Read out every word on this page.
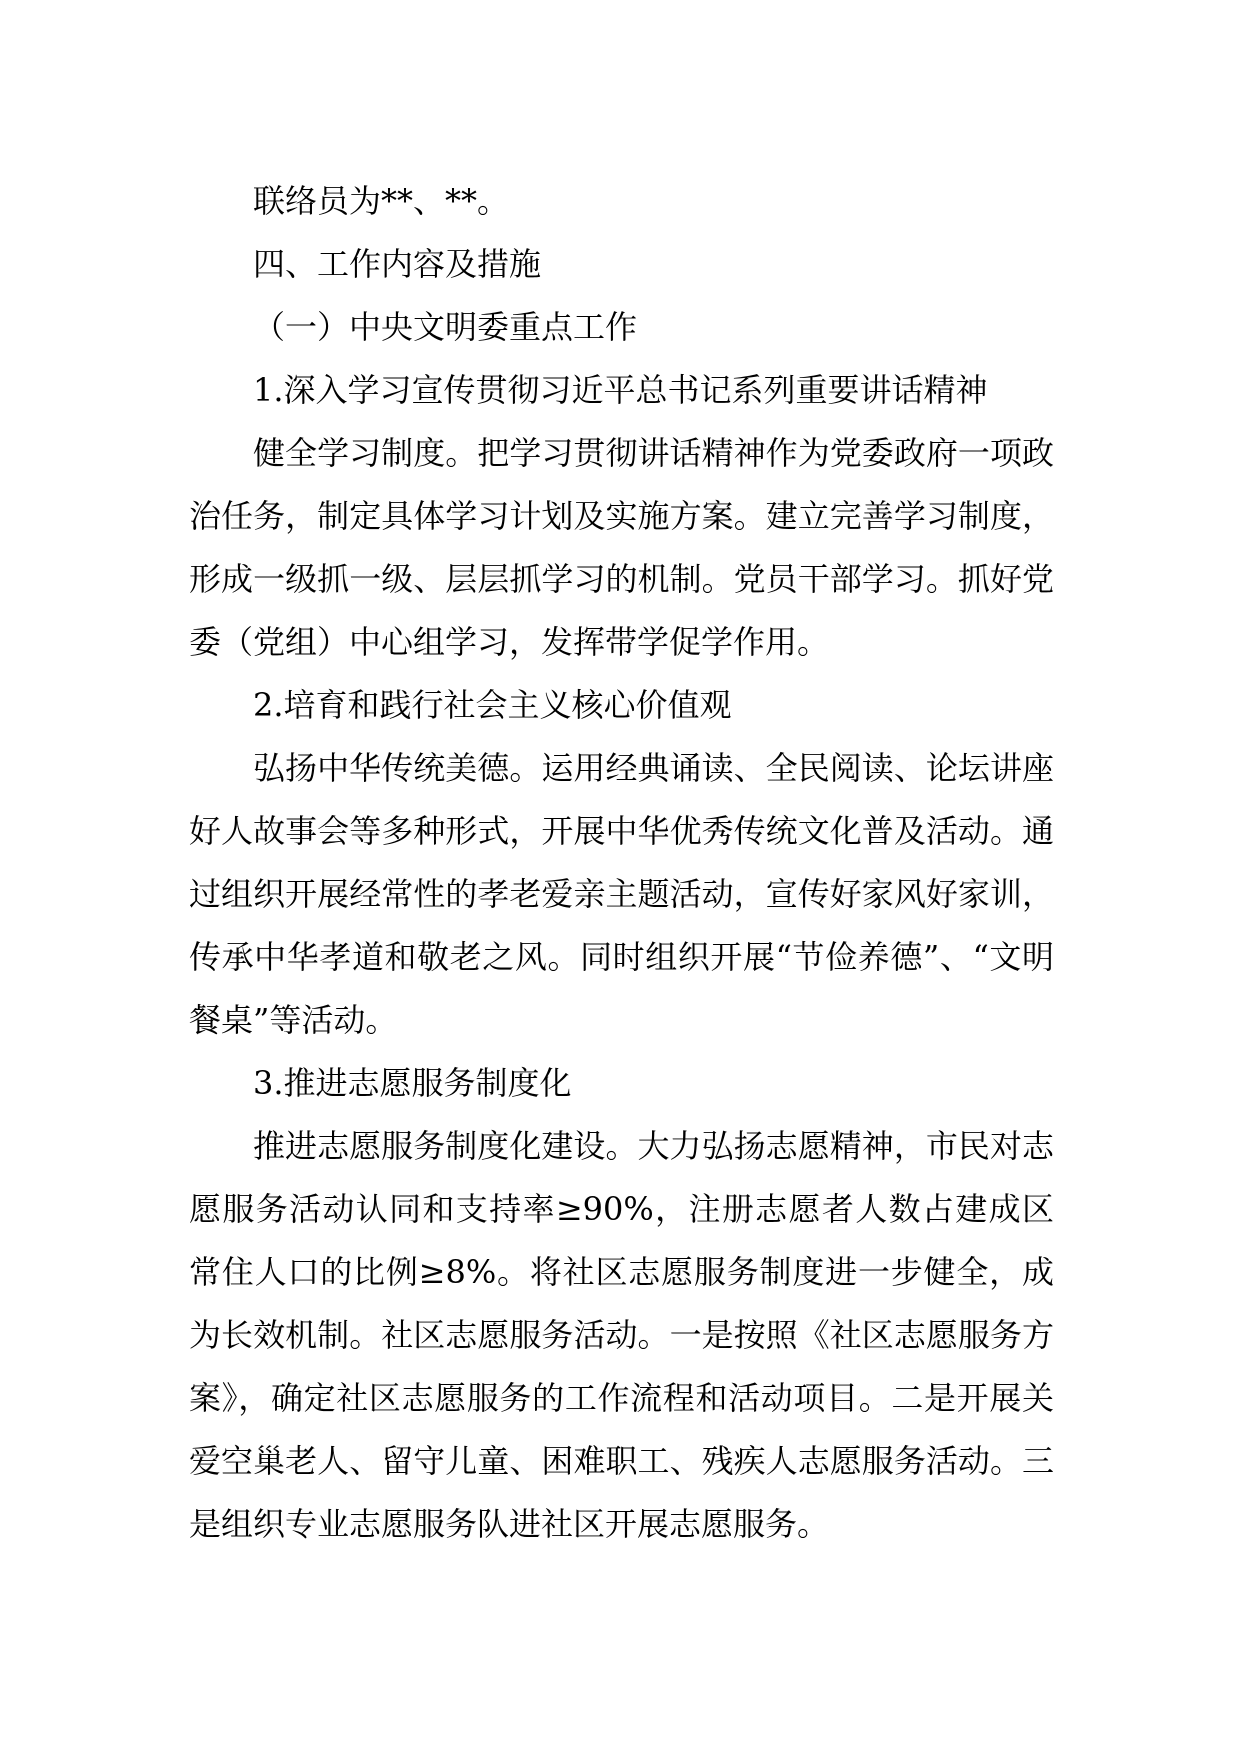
联络员为**、**。

四、工作内容及措施

（一）中央文明委重点工作

1.深入学习宣传贯彻习近平总书记系列重要讲话精神

健全学习制度。把学习贯彻讲话精神作为党委政府一项政治任务，制定具体学习计划及实施方案。建立完善学习制度，形成一级抓一级、层层抓学习的机制。党员干部学习。抓好党委（党组）中心组学习，发挥带学促学作用。

2.培育和践行社会主义核心价值观

弘扬中华传统美德。运用经典诵读、全民阅读、论坛讲座好人故事会等多种形式，开展中华优秀传统文化普及活动。通过组织开展经常性的孝老爱亲主题活动，宣传好家风好家训，传承中华孝道和敬老之风。同时组织开展“节俭养德”、“文明餐桌”等活动。

3.推进志愿服务制度化

推进志愿服务制度化建设。大力弘扬志愿精神，市民对志愿服务活动认同和支持率≥90%，注册志愿者人数占建成区常住人口的比例≥8%。将社区志愿服务制度进一步健全，成为长效机制。社区志愿服务活动。一是按照《社区志愿服务方案》，确定社区志愿服务的工作流程和活动项目。二是开展关爱空巢老人、留守儿童、困难职工、残疾人志愿服务活动。三是组织专业志愿服务队进社区开展志愿服务。
